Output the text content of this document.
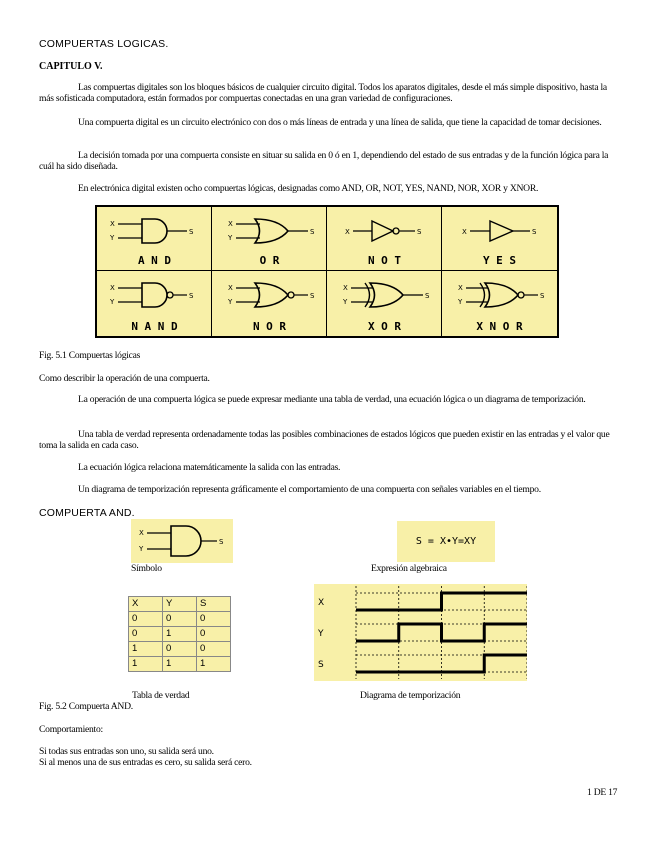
COMPUERTAS LOGICAS.
CAPITULO V.
Las compuertas digitales son los bloques básicos de cualquier circuito digital. Todos los aparatos digitales, desde el más simple dispositivo, hasta la más sofisticada computadora, están formados por compuertas conectadas en una gran variedad de configuraciones.
Una compuerta digital es un circuito electrónico con dos o más líneas de entrada y una línea de salida, que tiene la capacidad de tomar decisiones.
La decisión tomada por una compuerta consiste en situar su salida en 0 ó en 1, dependiendo del estado de sus entradas y de la función lógica para la cuál ha sido diseñada.
En electrónica digital existen ocho compuertas lógicas, designadas como AND, OR, NOT, YES, NAND, NOR, XOR y XNOR.
X
Y
S
A N D
X
Y
S
O R
X	S
N O T
X	S
Y E S
X
Y
S
N A N D
X
Y
S
N O R
X
Y
S
X O R
X
Y
S
X N O R
Fig. 5.1 Compuertas lógicas
Como describir la operación de una compuerta.
La operación de una compuerta lógica se puede expresar mediante una tabla de verdad, una ecuación lógica o un diagrama de temporización.
Una tabla de verdad representa ordenadamente todas las posibles combinaciones de estados lógicos que pueden existir en las entradas y el valor que toma la salida en cada caso.
La ecuación lógica relaciona matemáticamente la salida con las entradas.
Un diagrama de temporización representa gráficamente el comportamiento de una compuerta con señales variables en el tiempo.
COMPUERTA AND.
X
Y
S
Símbolo
S = X•Y=XY
Expresión algebraica
X	Y	S
0	0	0
0	1	0
1	0	0
1	1	1
Tabla de verdad
X
Y
S
Diagrama de temporización
Fig. 5.2 Compuerta AND.
Comportamiento:
Si todas sus entradas son uno, su salida será uno.
Si al menos una de sus entradas es cero, su salida será cero.
1 DE 17
